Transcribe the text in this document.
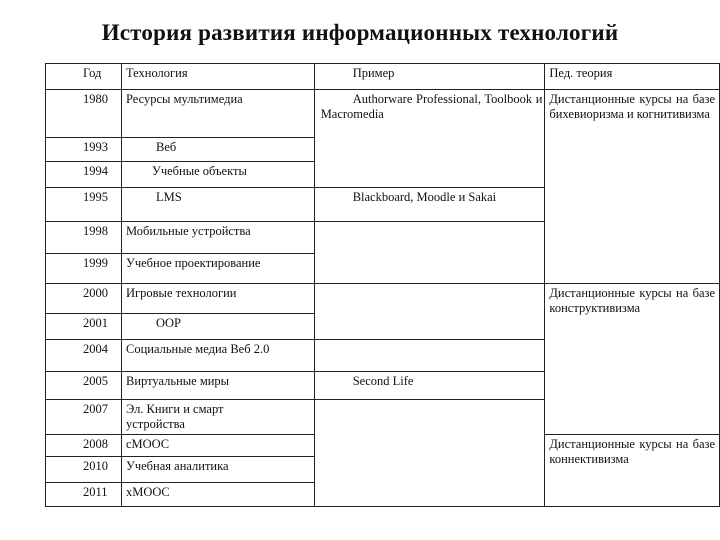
История развития информационных технологий
Год	Технология	Пример	Пед. теория
1980	Ресурсы мультимедиа	Authorware Professional, Toolbook и Macromedia	Дистанционные курсы на базе бихевиоризма и когнитивизма

1993	Веб		
1994	Учебные объекты		
1995	LMS	Blackboard, Moodle и Sakai	
1998	Мобильные устройства		
1999	Учебное проектирование		
2000	Игровые технологии		Дистанционные курсы на базе конструктивизма

2001	OOP		
2004	Социальные медиа Веб 2.0		

2005	Виртуальные миры	Second Life	
2007	Эл. Книги и смарт устройства		

2008	cMOOC		Дистанционные курсы на базе коннективизма

2010	Учебная аналитика		
2011	xMOOC		
